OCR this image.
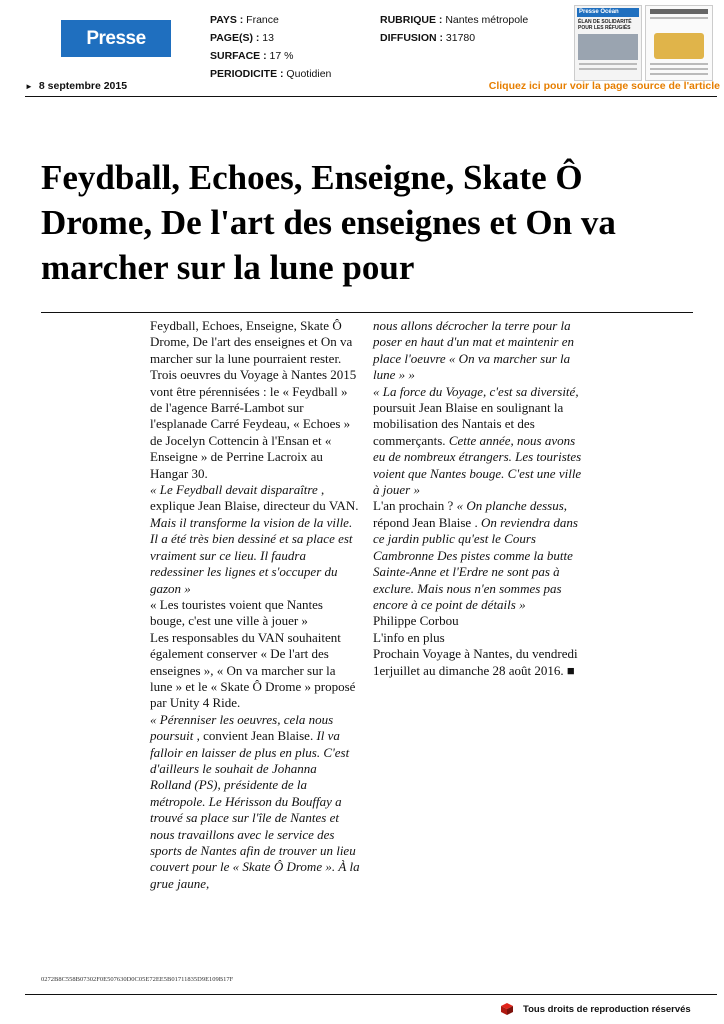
Presse Océan
PAYS : France
PAGE(S) : 13
SURFACE : 17 %
PERIODICITE : Quotidien
RUBRIQUE : Nantes métropole
DIFFUSION : 31780
Presse Océan
ÉLAN DE SOLIDARITÉ POUR LES RÉFUGIÉS
► 8 septembre 2015	Cliquez ici pour voir la page source de l'article
Feydball, Echoes, Enseigne, Skate Ô Drome, De l'art des enseignes et On va marcher sur la lune pour

Feydball, Echoes, Enseigne, Skate Ô Drome, De l'art des enseignes et On va marcher sur la lune pourraient rester.

Trois oeuvres du Voyage à Nantes 2015 vont être pérennisées : le « Feydball » de l'agence Barré-Lambot sur l'esplanade Carré Feydeau, « Echoes » de Jocelyn Cottencin à l'Ensan et « Enseigne » de Perrine Lacroix au Hangar 30.

« Le Feydball devait disparaître , explique Jean Blaise, directeur du VAN. Mais il transforme la vision de la ville. Il a été très bien dessiné et sa place est vraiment sur ce lieu. Il faudra redessiner les lignes et s'occuper du gazon »

« Les touristes voient que Nantes bouge, c'est une ville à jouer »

Les responsables du VAN souhaitent également conserver « De l'art des enseignes », « On va marcher sur la lune » et le « Skate Ô Drome » proposé par Unity 4 Ride.

« Pérenniser les oeuvres, cela nous poursuit , convient Jean Blaise. Il va falloir en laisser de plus en plus. C'est d'ailleurs le souhait de Johanna Rolland (PS), présidente de la métropole. Le Hérisson du Bouffay a trouvé sa place sur l'île de Nantes et nous travaillons avec le service des sports de Nantes afin de trouver un lieu couvert pour le « Skate Ô Drome ». À la grue jaune,

nous allons décrocher la terre pour la poser en haut d'un mat et maintenir en place l'oeuvre « On va marcher sur la lune » »

« La force du Voyage, c'est sa diversité, poursuit Jean Blaise en soulignant la mobilisation des Nantais et des commerçants. Cette année, nous avons eu de nombreux étrangers. Les touristes voient que Nantes bouge. C'est une ville à jouer »

L'an prochain ? « On planche dessus, répond Jean Blaise . On reviendra dans ce jardin public qu'est le Cours Cambronne Des pistes comme la butte Sainte-Anne et l'Erdre ne sont pas à exclure. Mais nous n'en sommes pas encore à ce point de détails »

Philippe Corbou

L'info en plus

Prochain Voyage à Nantes, du vendredi 1erjuillet au dimanche 28 août 2016. ■

0272B8C558B07302F0E507630D0C05E72EE5B01711835D9E109B17F
Tous droits de reproduction réservés
